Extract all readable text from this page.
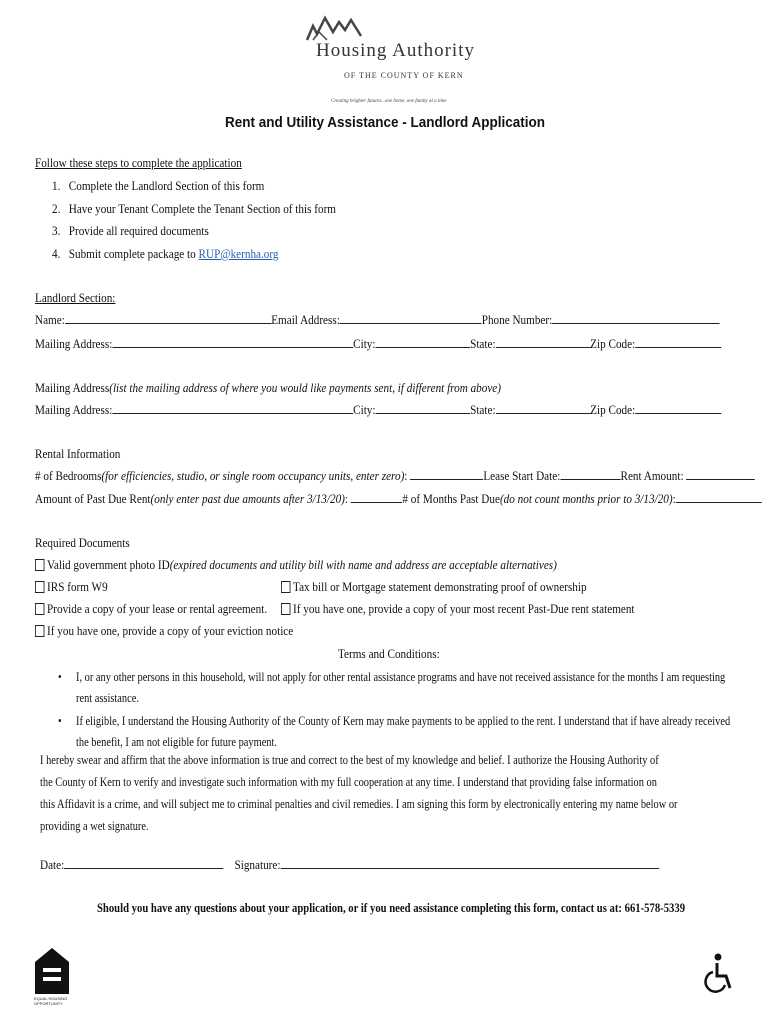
Housing Authority
OF THE COUNTY OF KERN
Creating brighter futures...one home, one family at a time
Rent and Utility Assistance - Landlord Application
Follow these steps to complete the application
1. Complete the Landlord Section of this form
2. Have your Tenant Complete the Tenant Section of this form
3. Provide all required documents
4. Submit complete package to RUP@kernha.org
Landlord Section:
Name:	Email Address:	Phone Number:
Mailing Address:	City:	State:	Zip Code:
Mailing Address(list the mailing address of where you would like payments sent, if different from above)
Mailing Address:	City:	State:	Zip Code:
Rental Information
# of Bedrooms(for efficiencies, studio, or single room occupancy units, enter zero):	Lease Start Date:	Rent Amount:
Amount of Past Due Rent(only enter past due amounts after 3/13/20):	# of Months Past Due(do not count months prior to 3/13/20):
Required Documents
Valid government photo ID(expired documents and utility bill with name and address are acceptable alternatives)
IRS form W9	Tax bill or Mortgage statement demonstrating proof of ownership
Provide a copy of your lease or rental agreement.	If you have one, provide a copy of your most recent Past-Due rent statement
If you have one, provide a copy of your eviction notice
Terms and Conditions:
• I, or any other persons in this household, will not apply for other rental assistance programs and have not received assistance for the months I am requesting
rent assistance.
• If eligible, I understand the Housing Authority of the County of Kern may make payments to be applied to the rent. I understand that if have already received
the benefit, I am not eligible for future payment.
I hereby swear and affirm that the above information is true and correct to the best of my knowledge and belief. I authorize the Housing Authority of
the County of Kern to verify and investigate such information with my full cooperation at any time. I understand that providing false information on
this Affidavit is a crime, and will subject me to criminal penalties and civil remedies. I am signing this form by electronically entering my name below or
providing a wet signature.
Date:	Signature:
Should you have any questions about your application, or if you need assistance completing this form, contact us at: 661-578-5339
EQUAL HOUSING OPPORTUNITY
